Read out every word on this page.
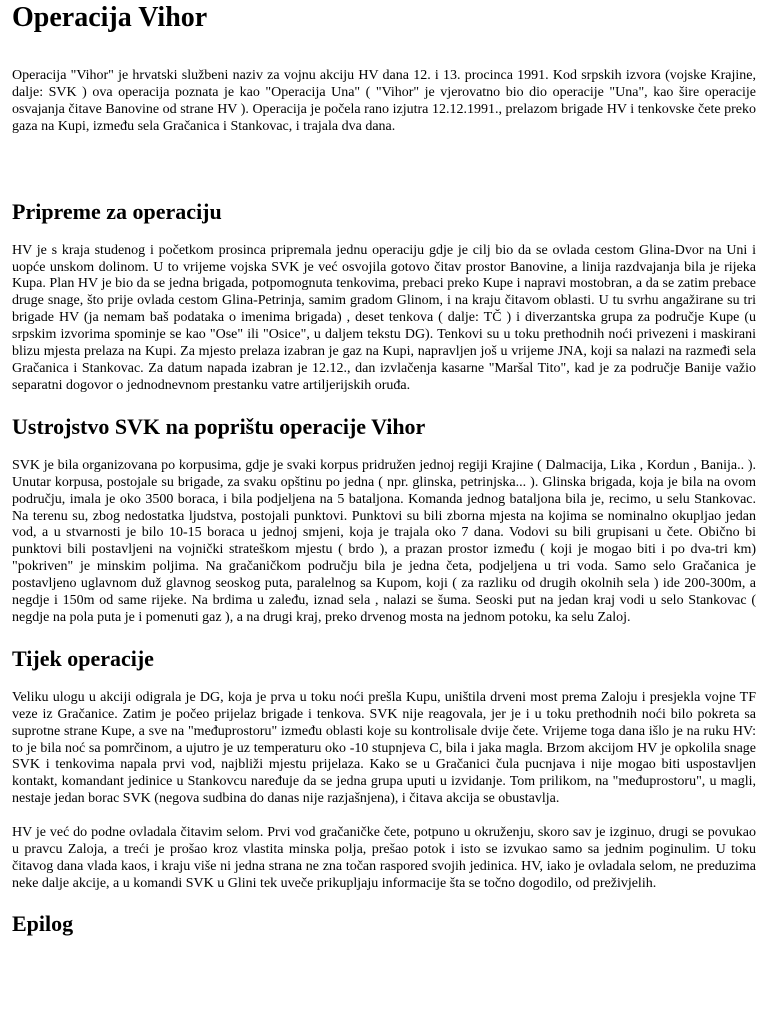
Operacija Vihor

Operacija "Vihor" je hrvatski službeni naziv za vojnu akciju HV dana 12. i 13. procinca 1991. Kod srpskih izvora (vojske Krajine, dalje: SVK ) ova operacija poznata je kao "Operacija Una" ( "Vihor" je vjerovatno bio dio operacije "Una", kao šire operacije osvajanja čitave Banovine od strane HV ). Operacija je počela rano izjutra 12.12.1991., prelazom brigade HV i tenkovske čete preko gaza na Kupi, između sela Gračanica i Stankovac, i trajala dva dana.

Pripreme za operaciju

HV je s kraja studenog i početkom prosinca pripremala jednu operaciju gdje je cilj bio da se ovlada cestom Glina-Dvor na Uni i uopće unskom dolinom. U to vrijeme vojska SVK je već osvojila gotovo čitav prostor Banovine, a linija razdvajanja bila je rijeka Kupa. Plan HV je bio da se jedna brigada, potpomognuta tenkovima, prebaci preko Kupe i napravi mostobran, a da se zatim prebace druge snage, što prije ovlada cestom Glina-Petrinja, samim gradom Glinom, i na kraju čitavom oblasti. U tu svrhu angažirane su tri brigade HV (ja nemam baš podataka o imenima brigada) , deset tenkova ( dalje: TČ ) i diverzantska grupa za područje Kupe (u srpskim izvorima spominje se kao "Ose" ili "Osice", u daljem tekstu DG). Tenkovi su u toku prethodnih noći privezeni i maskirani blizu mjesta prelaza na Kupi. Za mjesto prelaza izabran je gaz na Kupi, napravljen još u vrijeme JNA, koji sa nalazi na razmeđi sela Gračanica i Stankovac. Za datum napada izabran je 12.12., dan izvlačenja kasarne "Maršal Tito", kad je za područje Banije važio separatni dogovor o jednodnevnom prestanku vatre artiljerijskih oruđa.

Ustrojstvo SVK na poprištu operacije Vihor

SVK je bila organizovana po korpusima, gdje je svaki korpus pridružen jednoj regiji Krajine ( Dalmacija, Lika , Kordun , Banija.. ). Unutar korpusa, postojale su brigade, za svaku opštinu po jedna ( npr. glinska, petrinjska... ). Glinska brigada, koja je bila na ovom području, imala je oko 3500 boraca, i bila podjeljena na 5 bataljona. Komanda jednog bataljona bila je, recimo, u selu Stankovac. Na terenu su, zbog nedostatka ljudstva, postojali punktovi. Punktovi su bili zborna mjesta na kojima se nominalno okupljao jedan vod, a u stvarnosti je bilo 10-15 boraca u jednoj smjeni, koja je trajala oko 7 dana. Vodovi su bili grupisani u čete. Obično bi punktovi bili postavljeni na vojnički strateškom mjestu ( brdo ), a prazan prostor između ( koji je mogao biti i po dva-tri km) "pokriven" je minskim poljima. Na gračaničkom području bila je jedna četa, podjeljena u tri voda. Samo selo Gračanica je postavljeno uglavnom duž glavnog seoskog puta, paralelnog sa Kupom, koji ( za razliku od drugih okolnih sela ) ide 200-300m, a negdje i 150m od same rijeke. Na brdima u zaleđu, iznad sela , nalazi se šuma. Seoski put na jedan kraj vodi u selo Stankovac ( negdje na pola puta je i pomenuti gaz ), a na drugi kraj, preko drvenog mosta na jednom potoku, ka selu Zaloj.

Tijek operacije

Veliku ulogu u akciji odigrala je DG, koja je prva u toku noći prešla Kupu, uništila drveni most prema Zaloju i presjekla vojne TF veze iz Gračanice. Zatim je počeo prijelaz brigade i tenkova. SVK nije reagovala, jer je i u toku prethodnih noći bilo pokreta sa suprotne strane Kupe, a sve na "međuprostoru" između oblasti koje su kontrolisale dvije čete. Vrijeme toga dana išlo je na ruku HV: to je bila noć sa pomrčinom, a ujutro je uz temperaturu oko -10 stupnjeva C, bila i jaka magla. Brzom akcijom HV je opkolila snage SVK i tenkovima napala prvi vod, najbliži mjestu prijelaza. Kako se u Gračanici čula pucnjava i nije mogao biti uspostavljen kontakt, komandant jedinice u Stankovcu naređuje da se jedna grupa uputi u izvidanje. Tom prilikom, na "međuprostoru", u magli, nestaje jedan borac SVK (negova sudbina do danas nije razjašnjena), i čitava akcija se obustavlja.

HV je već do podne ovladala čitavim selom. Prvi vod gračaničke čete, potpuno u okruženju, skoro sav je izginuo, drugi se povukao u pravcu Zaloja, a treći je prošao kroz vlastita minska polja, prešao potok i isto se izvukao samo sa jednim poginulim. U toku čitavog dana vlada kaos, i kraju više ni jedna strana ne zna točan raspored svojih jedinica. HV, iako je ovladala selom, ne preduzima neke dalje akcije, a u komandi SVK u Glini tek uveče prikupljaju informacije šta se točno dogodilo, od preživjelih.

Epilog
